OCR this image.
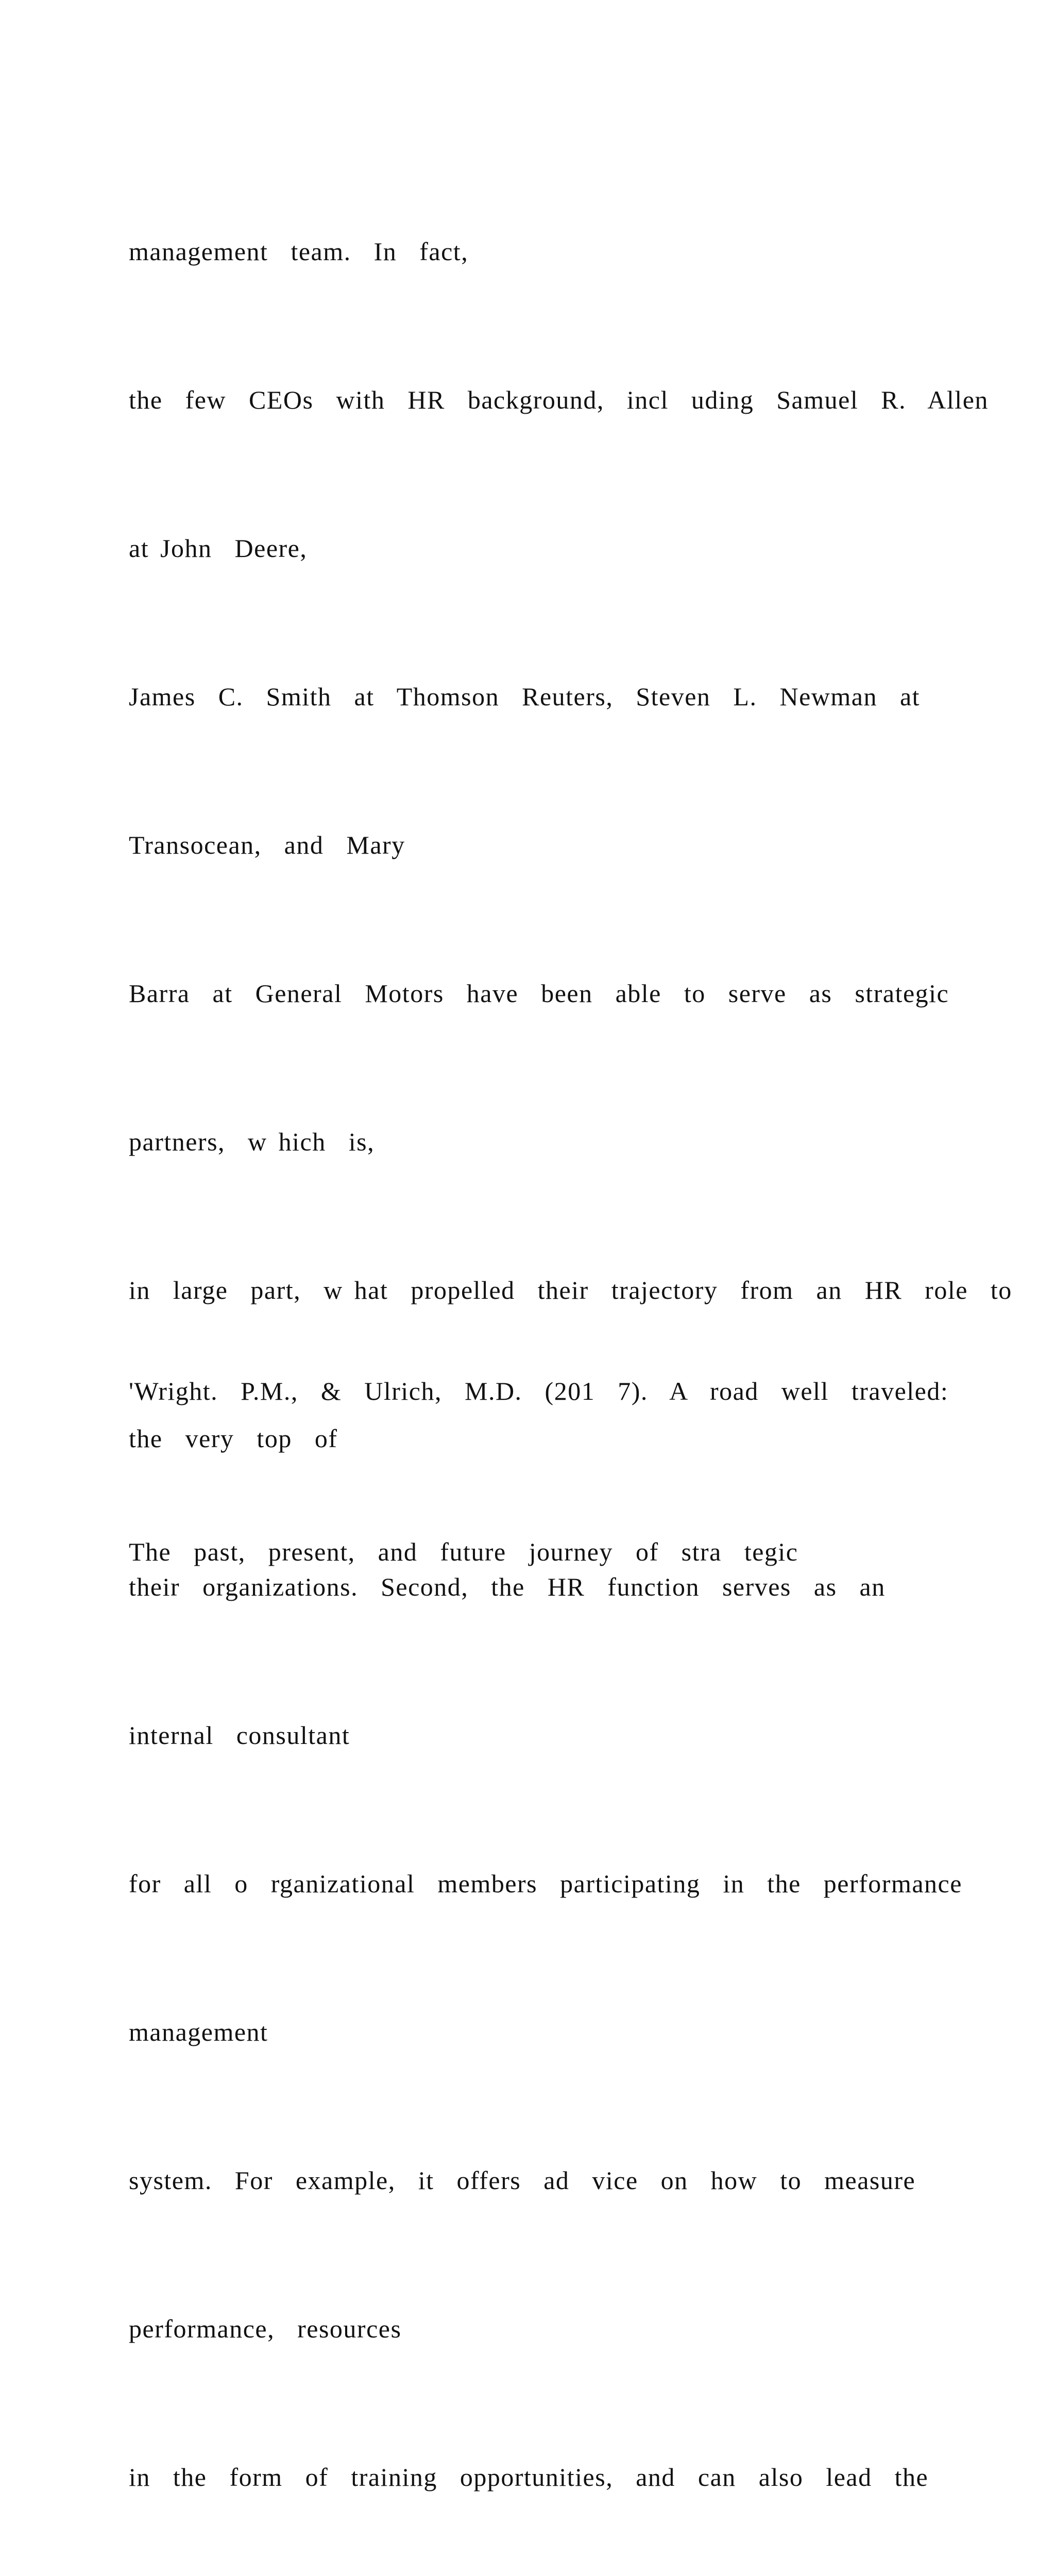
management  team.  In  fact,

the  few  CEOs  with  HR  background,  incl  uding  Samuel  R.  Allen

at John  Deere,

James  C.  Smith  at  Thomson  Reuters,  Steven  L.  Newman  at

Transocean,  and  Mary

Barra  at  General  Motors  have  been  able  to  serve  as  strategic

partners,  w hich  is,

in  large  part,  w hat  propelled  their  trajectory  from  an  HR  role  to

the  very  top  of

their  organizations.  Second,  the  HR  function  serves  as  an

internal  consultant

for  all  o  rganizational  members  participating  in  the  performance

management

system.  For  example,  it  offers  ad  vice  on  how  to  measure

performance,  resources

in  the  form  of  training  opportunities,  and  can  also  lead  the

'Wright.  P.M.,  &  Ulrich,  M.D.  (201  7).  A  road  well  traveled:

The  past,  present,  and  future  journey  of  stra  tegic
